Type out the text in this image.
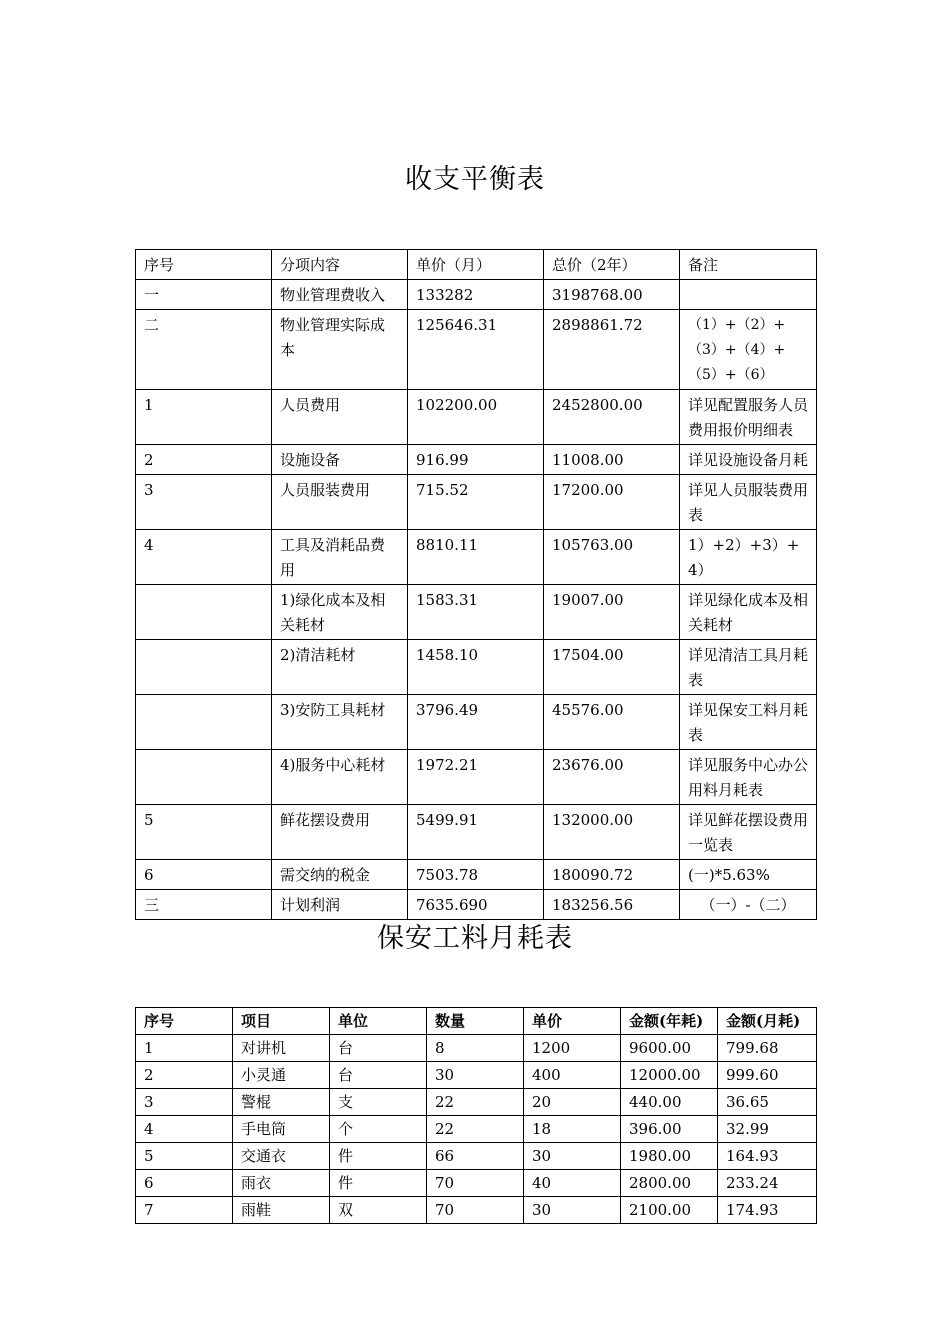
收支平衡表
序号	分项内容	单价（月）	总价（2年）	备注
一	物业管理费收入	133282	3198768.00	
二	物业管理实际成本	125646.31	2898861.72	（1）+（2）+（3）+（4）+（5）+（6）
1	人员费用	102200.00	2452800.00	详见配置服务人员费用报价明细表
2	设施设备	916.99	11008.00	详见设施设备月耗
3	人员服装费用	715.52	17200.00	详见人员服装费用表
4	工具及消耗品费用	8810.11	105763.00	1）+2）+3）+4）
	1)绿化成本及相关耗材	1583.31	19007.00	详见绿化成本及相关耗材
	2)清洁耗材	1458.10	17504.00	详见清洁工具月耗表
	3)安防工具耗材	3796.49	45576.00	详见保安工料月耗表
	4)服务中心耗材	1972.21	23676.00	详见服务中心办公用料月耗表
5	鲜花摆设费用	5499.91	132000.00	详见鲜花摆设费用一览表
6	需交纳的税金	7503.78	180090.72	(一)*5.63%
三	计划利润	7635.690	183256.56	（一）-（二）
保安工料月耗表
序号	项目	单位	数量	单价	金额(年耗)	金额(月耗)
1	对讲机	台	8	1200	9600.00	799.68
2	小灵通	台	30	400	12000.00	999.60
3	警棍	支	22	20	440.00	36.65
4	手电筒	个	22	18	396.00	32.99
5	交通衣	件	66	30	1980.00	164.93
6	雨衣	件	70	40	2800.00	233.24
7	雨鞋	双	70	30	2100.00	174.93
